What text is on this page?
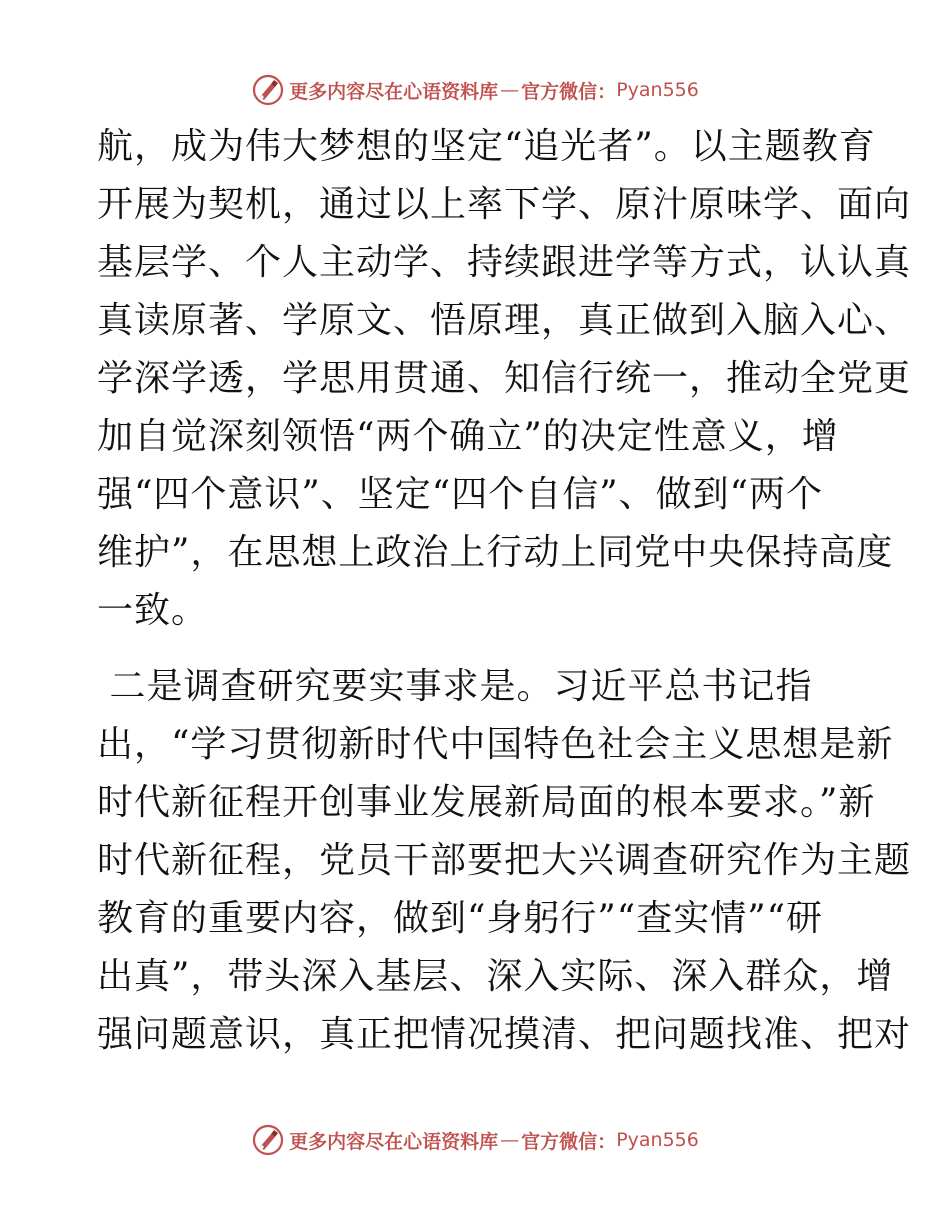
更多内容尽在心语资料库 — 官方微信： Pyan556
航，成为伟大梦想的坚定“追光者”。以主题教育
开展为契机，通过以上率下学、原汁原味学、面向
基层学、个人主动学、持续跟进学等方式，认认真
真读原著、学原文、悟原理，真正做到入脑入心、
学深学透，学思用贯通、知信行统一，推动全党更
加自觉深刻领悟“两个确立”的决定性意义，增
强“四个意识”、坚定“四个自信”、做到“两个
维护”，在思想上政治上行动上同党中央保持高度
一致。
二是调查研究要实事求是。习近平总书记指
出，“学习贯彻新时代中国特色社会主义思想是新
时代新征程开创事业发展新局面的根本要求。”新
时代新征程，党员干部要把大兴调查研究作为主题
教育的重要内容，做到“身躬行”“查实情”“研
出真”，带头深入基层、深入实际、深入群众，增
强问题意识，真正把情况摸清、把问题找准、把对
更多内容尽在心语资料库 — 官方微信： Pyan556
